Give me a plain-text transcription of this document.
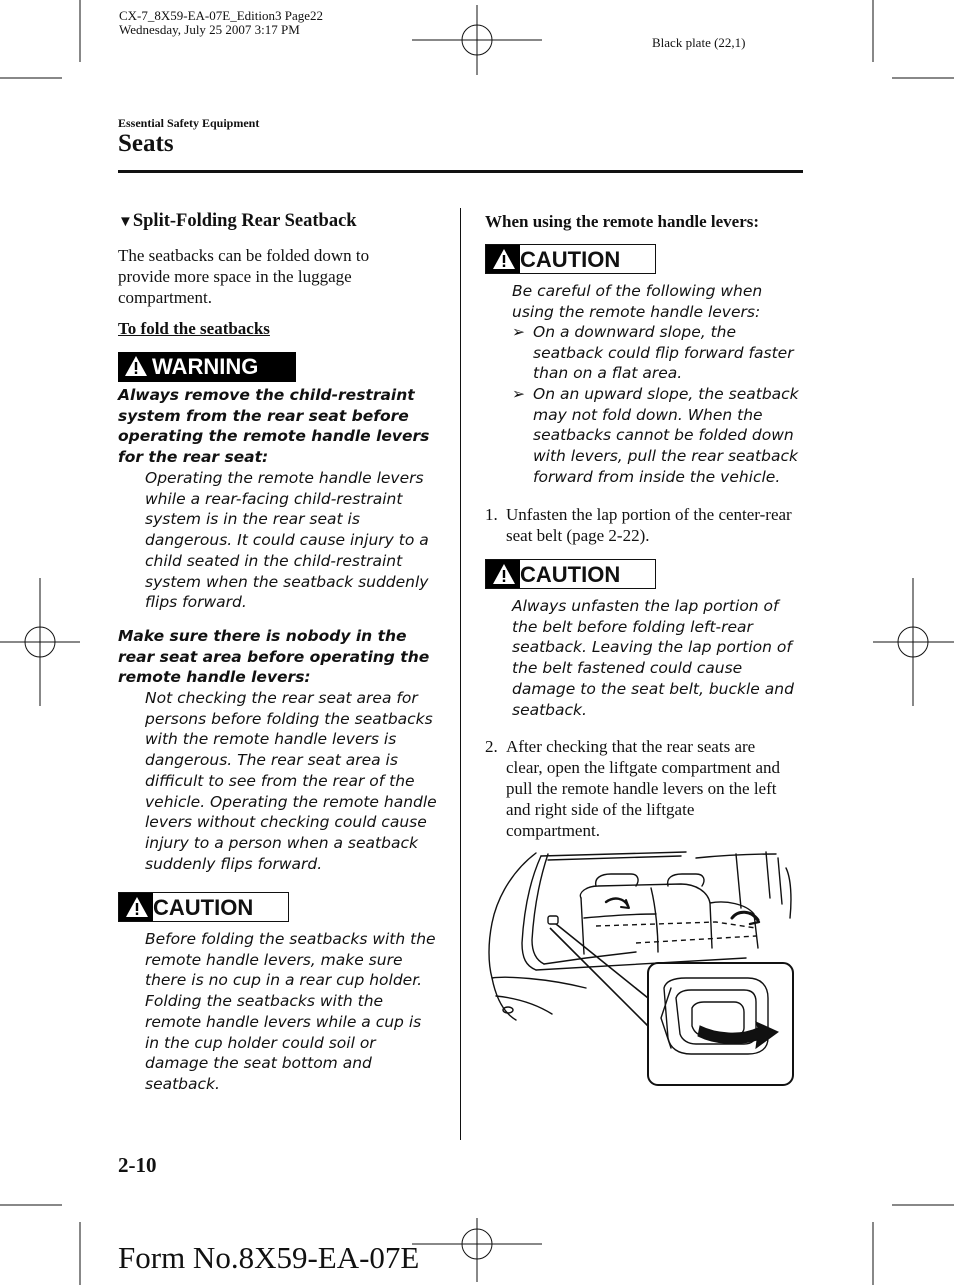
CX-7_8X59-EA-07E_Edition3 Page22
Wednesday, July 25 2007 3:17 PM
Black plate (22,1)
Essential Safety Equipment
Seats
▼Split-Folding Rear Seatback
The seatbacks can be folded down to provide more space in the luggage compartment.
To fold the seatbacks
WARNING
Always remove the child-restraint system from the rear seat before operating the remote handle levers for the rear seat:
Operating the remote handle levers while a rear-facing child-restraint system is in the rear seat is dangerous. It could cause injury to a child seated in the child-restraint system when the seatback suddenly flips forward.
Make sure there is nobody in the rear seat area before operating the remote handle levers:
Not checking the rear seat area for persons before folding the seatbacks with the remote handle levers is dangerous. The rear seat area is difficult to see from the rear of the vehicle. Operating the remote handle levers without checking could cause injury to a person when a seatback suddenly flips forward.
CAUTION
Before folding the seatbacks with the remote handle levers, make sure there is no cup in a rear cup holder. Folding the seatbacks with the remote handle levers while a cup is in the cup holder could soil or damage the seat bottom and seatback.
When using the remote handle levers:
CAUTION
Be careful of the following when using the remote handle levers:
➢ On a downward slope, the seatback could flip forward faster than on a flat area.
➢ On an upward slope, the seatback may not fold down. When the seatbacks cannot be folded down with levers, pull the rear seatback forward from inside the vehicle.
1. Unfasten the lap portion of the center-rear seat belt (page 2-22).
CAUTION
Always unfasten the lap portion of the belt before folding left-rear seatback. Leaving the lap portion of the belt fastened could cause damage to the seat belt, buckle and seatback.
2. After checking that the rear seats are clear, open the liftgate compartment and pull the remote handle levers on the left and right side of the liftgate compartment.
2-10
Form No.8X59-EA-07E
